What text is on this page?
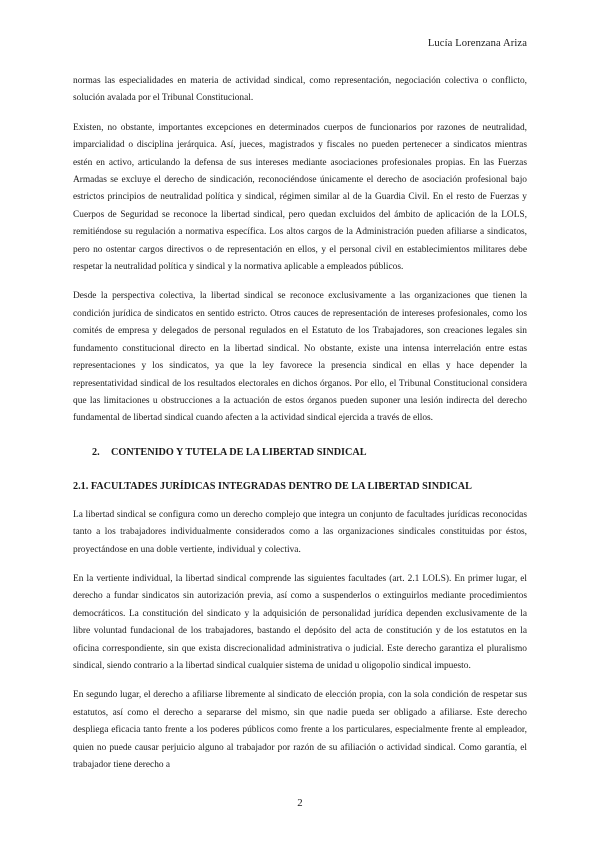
Lucía Lorenzana Ariza

normas las especialidades en materia de actividad sindical, como representación, negociación colectiva o conflicto, solución avalada por el Tribunal Constitucional.

Existen, no obstante, importantes excepciones en determinados cuerpos de funcionarios por razones de neutralidad, imparcialidad o disciplina jerárquica. Así, jueces, magistrados y fiscales no pueden pertenecer a sindicatos mientras estén en activo, articulando la defensa de sus intereses mediante asociaciones profesionales propias. En las Fuerzas Armadas se excluye el derecho de sindicación, reconociéndose únicamente el derecho de asociación profesional bajo estrictos principios de neutralidad política y sindical, régimen similar al de la Guardia Civil. En el resto de Fuerzas y Cuerpos de Seguridad se reconoce la libertad sindical, pero quedan excluidos del ámbito de aplicación de la LOLS, remitiéndose su regulación a normativa específica. Los altos cargos de la Administración pueden afiliarse a sindicatos, pero no ostentar cargos directivos o de representación en ellos, y el personal civil en establecimientos militares debe respetar la neutralidad política y sindical y la normativa aplicable a empleados públicos.

Desde la perspectiva colectiva, la libertad sindical se reconoce exclusivamente a las organizaciones que tienen la condición jurídica de sindicatos en sentido estricto. Otros cauces de representación de intereses profesionales, como los comités de empresa y delegados de personal regulados en el Estatuto de los Trabajadores, son creaciones legales sin fundamento constitucional directo en la libertad sindical. No obstante, existe una intensa interrelación entre estas representaciones y los sindicatos, ya que la ley favorece la presencia sindical en ellas y hace depender la representatividad sindical de los resultados electorales en dichos órganos. Por ello, el Tribunal Constitucional considera que las limitaciones u obstrucciones a la actuación de estos órganos pueden suponer una lesión indirecta del derecho fundamental de libertad sindical cuando afecten a la actividad sindical ejercida a través de ellos.

2. CONTENIDO Y TUTELA DE LA LIBERTAD SINDICAL
2.1. FACULTADES JURÍDICAS INTEGRADAS DENTRO DE LA LIBERTAD SINDICAL

La libertad sindical se configura como un derecho complejo que integra un conjunto de facultades jurídicas reconocidas tanto a los trabajadores individualmente considerados como a las organizaciones sindicales constituidas por éstos, proyectándose en una doble vertiente, individual y colectiva.

En la vertiente individual, la libertad sindical comprende las siguientes facultades (art. 2.1 LOLS). En primer lugar, el derecho a fundar sindicatos sin autorización previa, así como a suspenderlos o extinguirlos mediante procedimientos democráticos. La constitución del sindicato y la adquisición de personalidad jurídica dependen exclusivamente de la libre voluntad fundacional de los trabajadores, bastando el depósito del acta de constitución y de los estatutos en la oficina correspondiente, sin que exista discrecionalidad administrativa o judicial. Este derecho garantiza el pluralismo sindical, siendo contrario a la libertad sindical cualquier sistema de unidad u oligopolio sindical impuesto.

En segundo lugar, el derecho a afiliarse libremente al sindicato de elección propia, con la sola condición de respetar sus estatutos, así como el derecho a separarse del mismo, sin que nadie pueda ser obligado a afiliarse. Este derecho despliega eficacia tanto frente a los poderes públicos como frente a los particulares, especialmente frente al empleador, quien no puede causar perjuicio alguno al trabajador por razón de su afiliación o actividad sindical. Como garantía, el trabajador tiene derecho a

2
